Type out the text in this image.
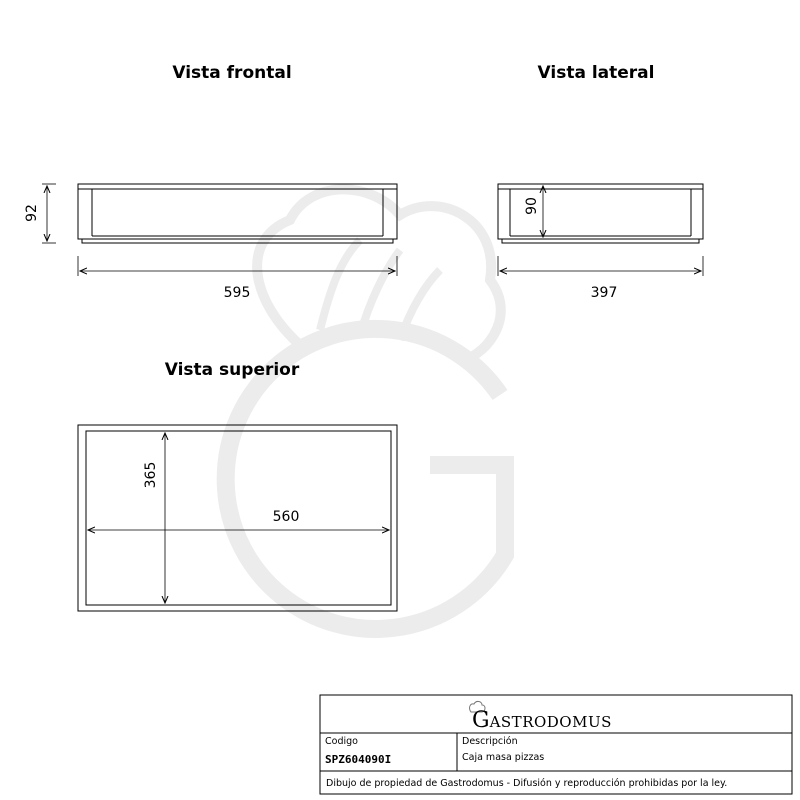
Vista frontal	Vista lateral
Vista superior
92
595
90
397
365
560
GASTRODOMUS
Codigo
SPZ604090I
Descripción
Caja masa pizzas
Dibujo de propiedad de Gastrodomus - Difusión y reproducción prohibidas por la ley.
